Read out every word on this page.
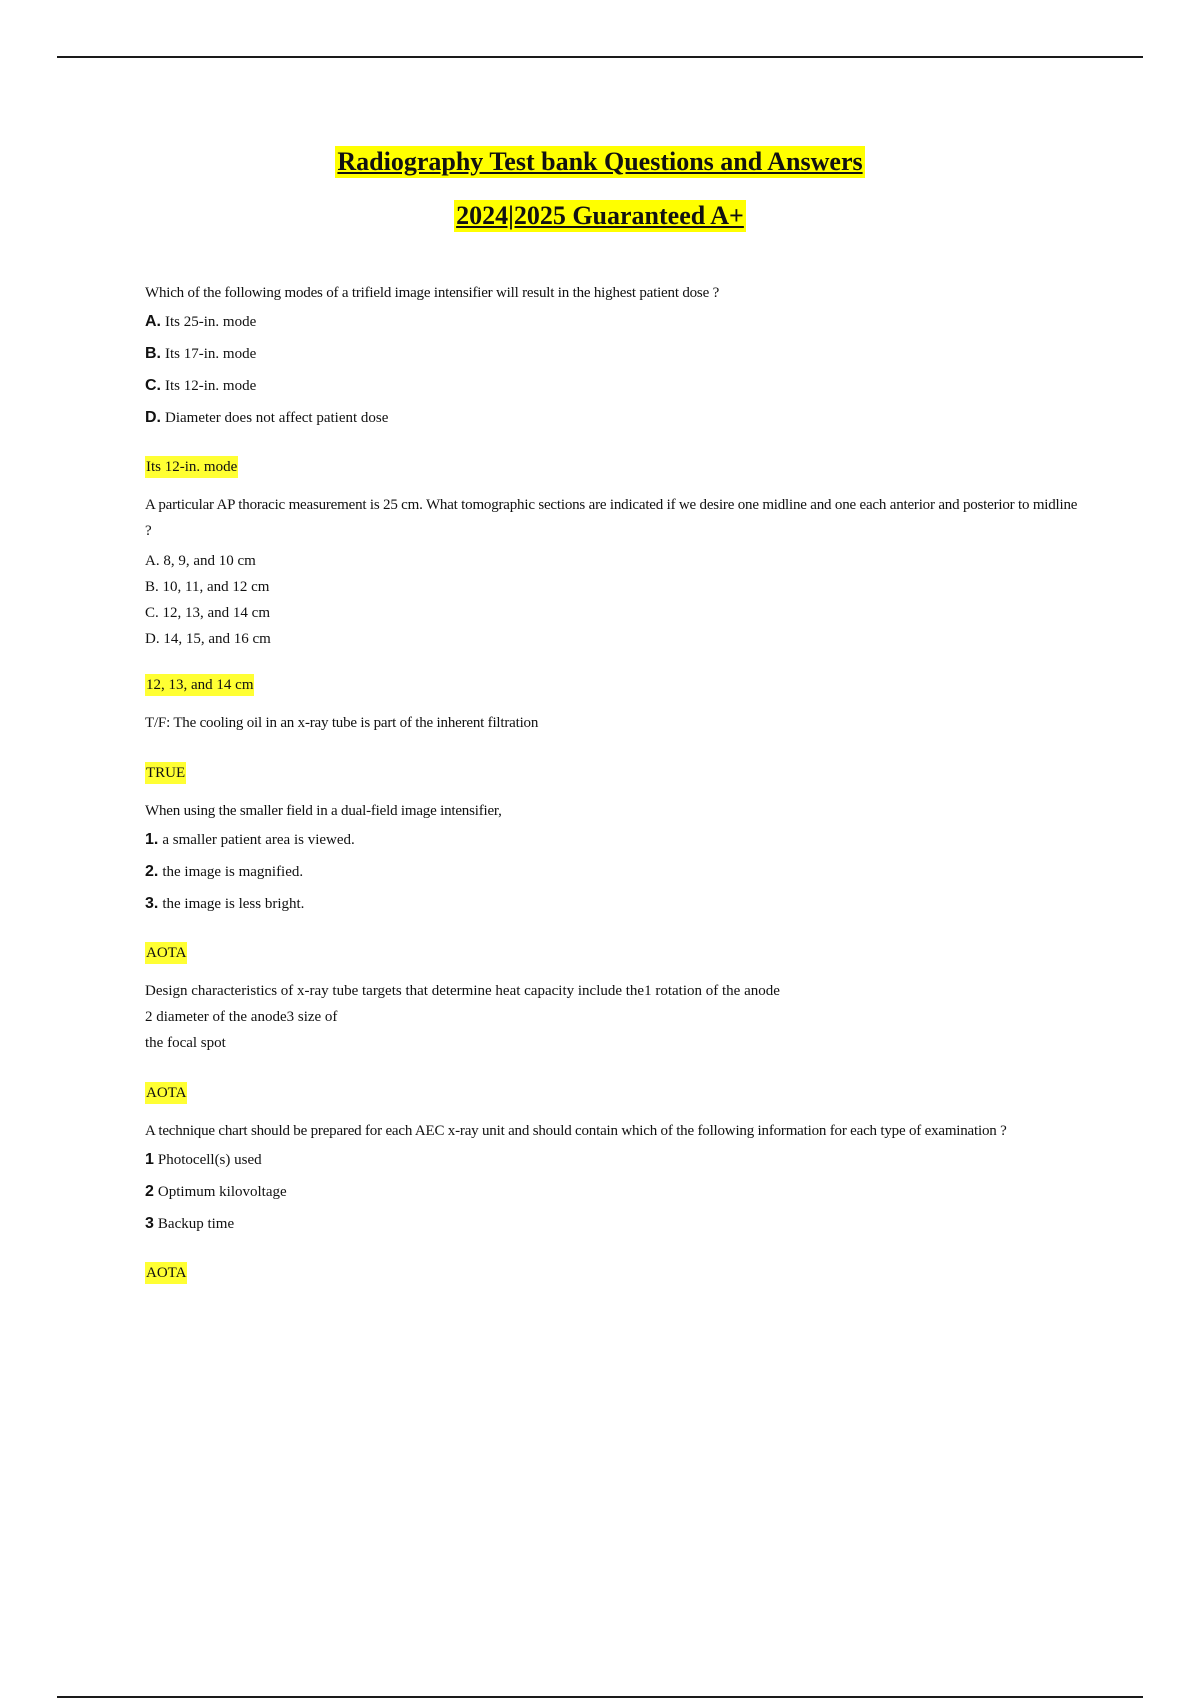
Radiography Test bank Questions and Answers
2024|2025 Guaranteed A+

Which of the following modes of a trifield image intensifier will result in the highest patient dose ?

A. Its 25-in. mode

B. Its 17-in. mode

C. Its 12-in. mode

D. Diameter does not affect patient dose

Its 12-in. mode

A particular AP thoracic measurement is 25 cm. What tomographic sections are indicated if we desire one midline and one each anterior and posterior to midline ?

A. 8, 9, and 10 cm

B. 10, 11, and 12 cm

C. 12, 13, and 14 cm

D. 14, 15, and 16 cm

12, 13, and 14 cm

T/F: The cooling oil in an x-ray tube is part of the inherent filtration

TRUE

When using the smaller field in a dual-field image intensifier,

1. a smaller patient area is viewed.

2. the image is magnified.

3. the image is less bright.

AOTA

Design characteristics of x-ray tube targets that determine heat capacity include the1 rotation of the anode

2 diameter of the anode3 size of

the focal spot

AOTA

A technique chart should be prepared for each AEC x-ray unit and should contain which of the following information for each type of examination ?

1 Photocell(s) used

2 Optimum kilovoltage

3 Backup time

AOTA
